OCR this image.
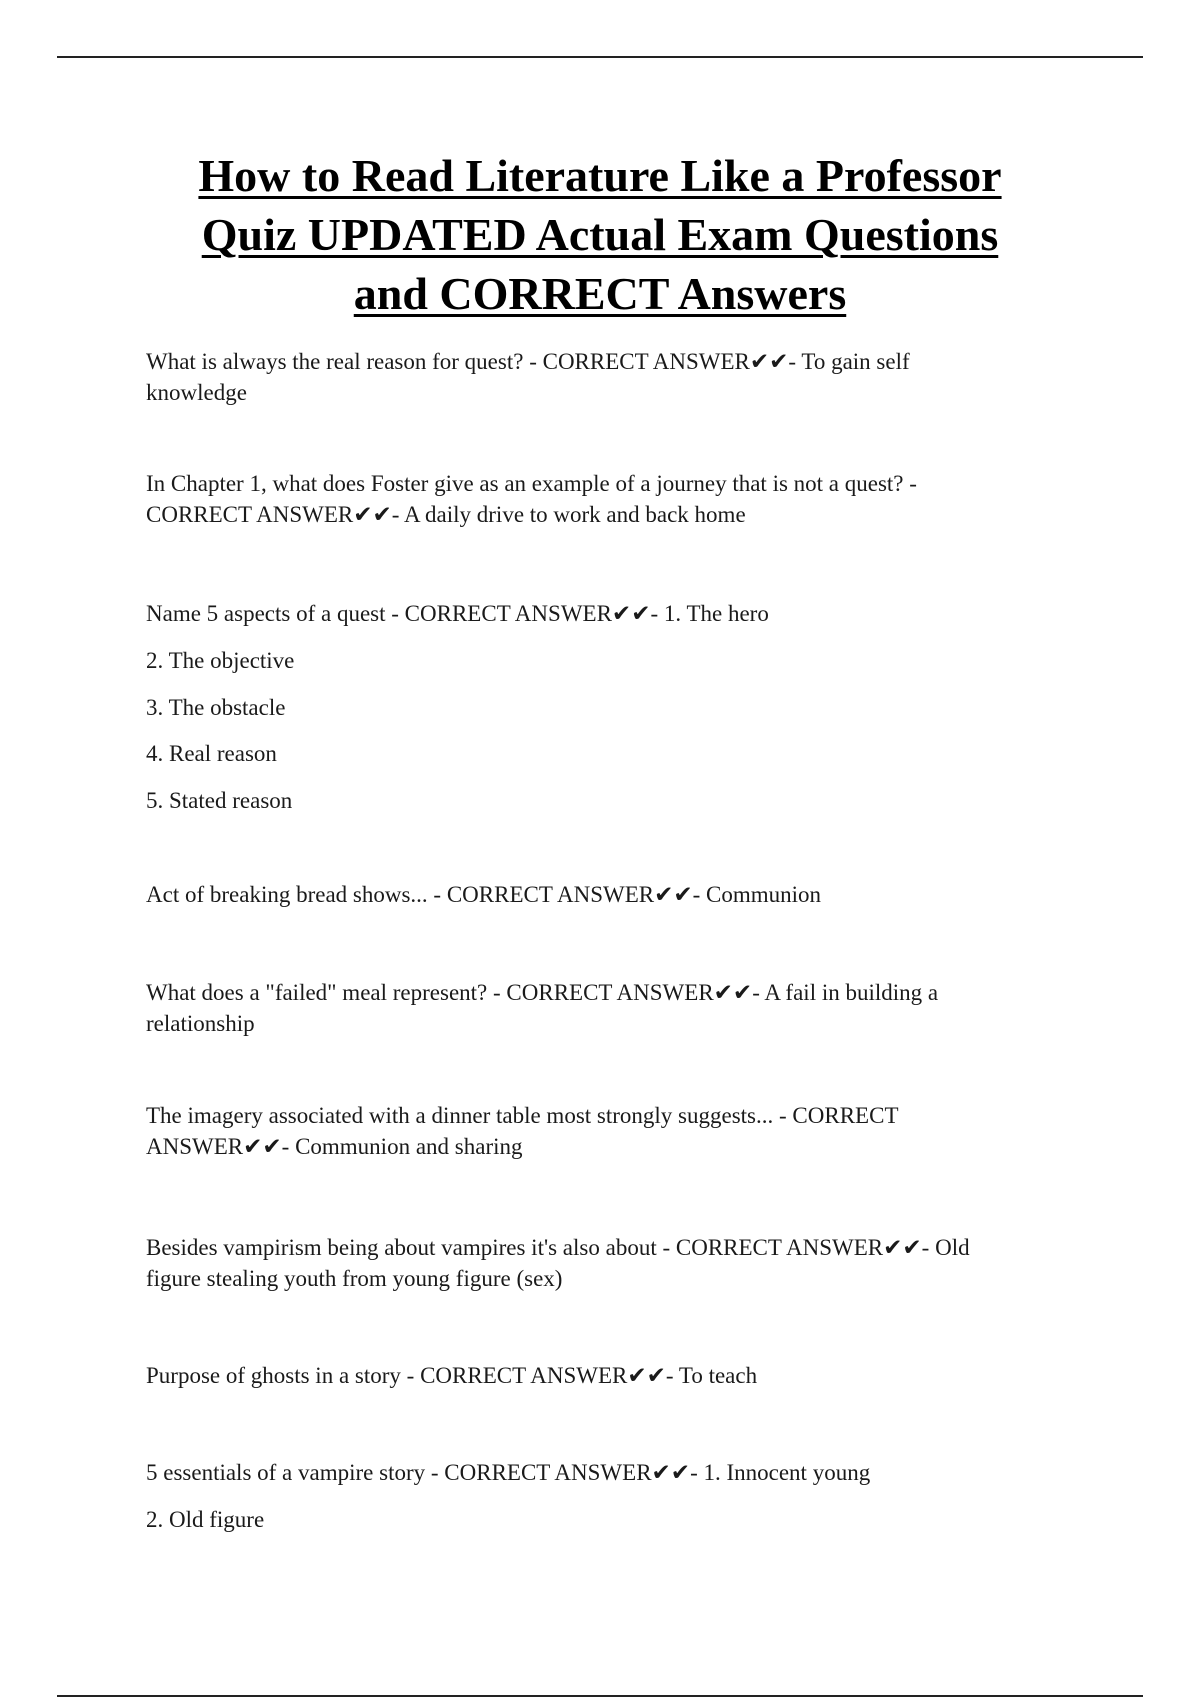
How to Read Literature Like a Professor
Quiz UPDATED Actual Exam Questions
and CORRECT Answers

What is always the real reason for quest? - CORRECT ANSWER✔✔- To gain self knowledge

In Chapter 1, what does Foster give as an example of a journey that is not a quest? - CORRECT ANSWER✔✔- A daily drive to work and back home

Name 5 aspects of a quest - CORRECT ANSWER✔✔- 1. The hero

2. The objective

3. The obstacle

4. Real reason

5. Stated reason

Act of breaking bread shows... - CORRECT ANSWER✔✔- Communion

What does a "failed" meal represent? - CORRECT ANSWER✔✔- A fail in building a relationship

The imagery associated with a dinner table most strongly suggests... - CORRECT ANSWER✔✔- Communion and sharing

Besides vampirism being about vampires it's also about - CORRECT ANSWER✔✔- Old figure stealing youth from young figure (sex)

Purpose of ghosts in a story - CORRECT ANSWER✔✔- To teach

5 essentials of a vampire story - CORRECT ANSWER✔✔- 1. Innocent young

2. Old figure
